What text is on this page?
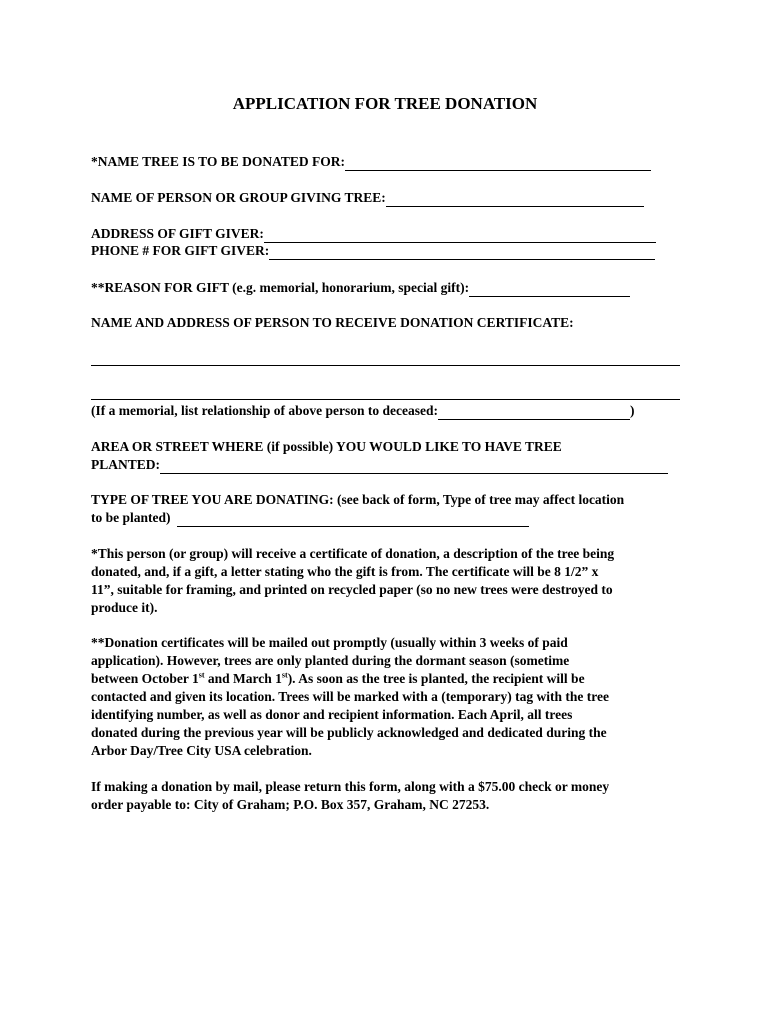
APPLICATION FOR TREE DONATION
*NAME TREE IS TO BE DONATED FOR:
NAME OF PERSON OR GROUP GIVING TREE:
ADDRESS OF GIFT GIVER:
PHONE # FOR GIFT GIVER:
**REASON FOR GIFT (e.g. memorial, honorarium, special gift):
NAME AND ADDRESS OF PERSON TO RECEIVE DONATION CERTIFICATE:
(If a memorial, list relationship of above person to deceased:	)
AREA OR STREET WHERE (if possible) YOU WOULD LIKE TO HAVE TREE
PLANTED:
TYPE OF TREE YOU ARE DONATING: (see back of form, Type of tree may affect location
to be planted)
*This person (or group) will receive a certificate of donation, a description of the tree being
donated, and, if a gift, a letter stating who the gift is from. The certificate will be 8 1/2” x
11”, suitable for framing, and printed on recycled paper (so no new trees were destroyed to
produce it).
**Donation certificates will be mailed out promptly (usually within 3 weeks of paid
application). However, trees are only planted during the dormant season (sometime
between October 1st and March 1st). As soon as the tree is planted, the recipient will be
contacted and given its location. Trees will be marked with a (temporary) tag with the tree
identifying number, as well as donor and recipient information. Each April, all trees
donated during the previous year will be publicly acknowledged and dedicated during the
Arbor Day/Tree City USA celebration.
If making a donation by mail, please return this form, along with a $75.00 check or money
order payable to: City of Graham; P.O. Box 357, Graham, NC 27253.
